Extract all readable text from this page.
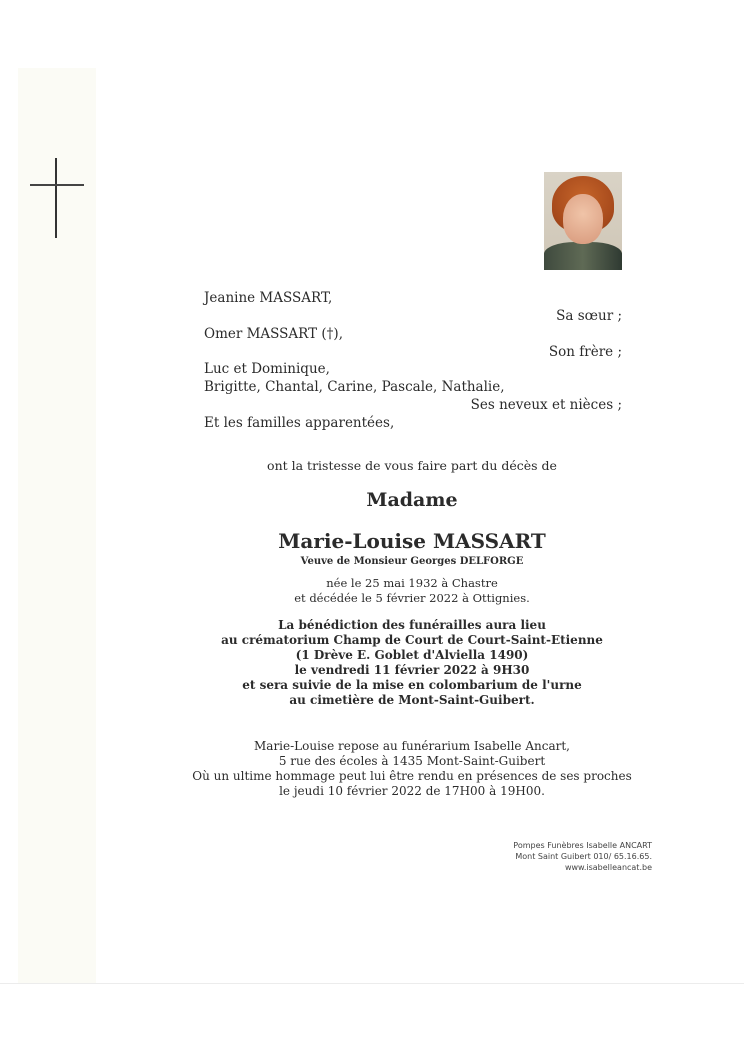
Jeanine MASSART,
Sa sœur ;
Omer MASSART (†),
Son frère ;
Luc et Dominique,
Brigitte, Chantal, Carine, Pascale, Nathalie,
Ses neveux et nièces ;
Et les familles apparentées,
ont la tristesse de vous faire part du décès de
Madame
Marie-Louise MASSART
Veuve de Monsieur Georges DELFORGE
née le 25 mai 1932 à Chastre
et décédée le 5 février 2022 à Ottignies.
La bénédiction des funérailles aura lieu
au crématorium Champ de Court de Court-Saint-Etienne
(1 Drève E. Goblet d'Alviella 1490)
le vendredi 11 février 2022 à 9H30
et sera suivie de la mise en colombarium de l'urne
au cimetière de Mont-Saint-Guibert.
Marie-Louise repose au funérarium Isabelle Ancart,
5 rue des écoles à 1435 Mont-Saint-Guibert
Où un ultime hommage peut lui être rendu en présences de ses proches
le jeudi 10 février 2022 de 17H00 à 19H00.
Pompes Funèbres Isabelle ANCART
Mont Saint Guibert 010/ 65.16.65.
www.isabelleancat.be
